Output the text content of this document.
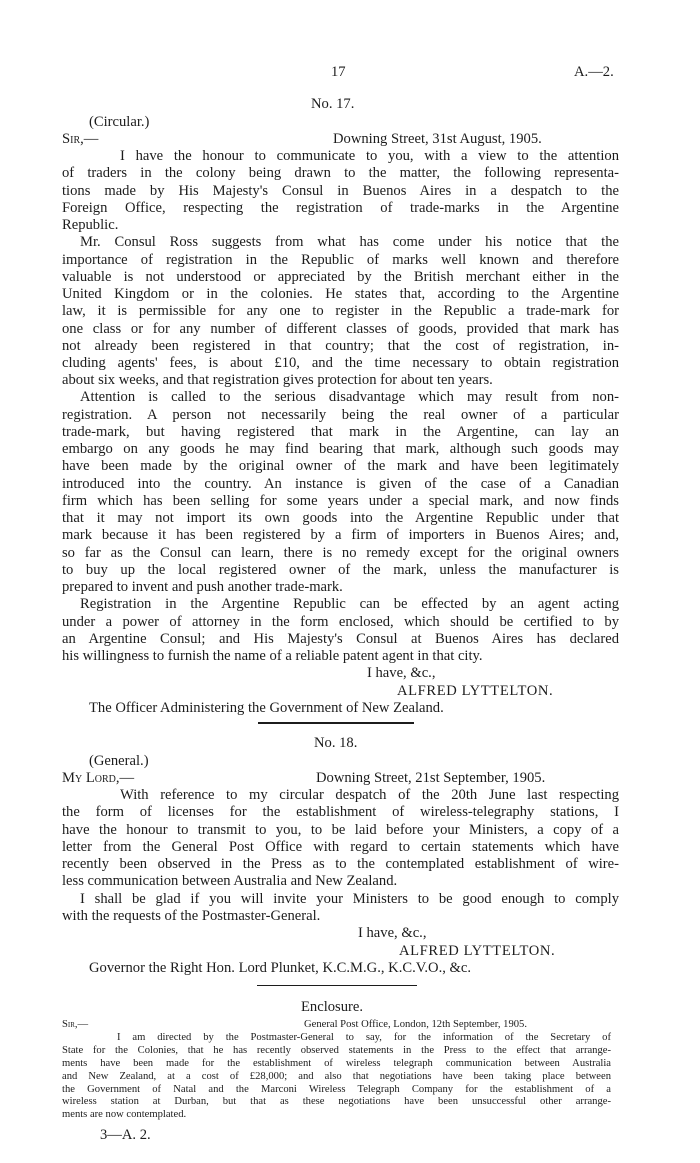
17	A.—2.
No. 17.
(Circular.)
Sir,—	Downing Street, 31st August, 1905.
I have the honour to communicate to you, with a view to the attention
of traders in the colony being drawn to the matter, the following representa-
tions made by His Majesty's Consul in Buenos Aires in a despatch to the
Foreign Office, respecting the registration of trade-marks in the Argentine
Republic.
Mr. Consul Ross suggests from what has come under his notice that the
importance of registration in the Republic of marks well known and therefore
valuable is not understood or appreciated by the British merchant either in the
United Kingdom or in the colonies. He states that, according to the Argentine
law, it is permissible for any one to register in the Republic a trade-mark for
one class or for any number of different classes of goods, provided that mark has
not already been registered in that country; that the cost of registration, in-
cluding agents' fees, is about £10, and the time necessary to obtain registration
about six weeks, and that registration gives protection for about ten years.
Attention is called to the serious disadvantage which may result from non-
registration. A person not necessarily being the real owner of a particular
trade-mark, but having registered that mark in the Argentine, can lay an
embargo on any goods he may find bearing that mark, although such goods may
have been made by the original owner of the mark and have been legitimately
introduced into the country. An instance is given of the case of a Canadian
firm which has been selling for some years under a special mark, and now finds
that it may not import its own goods into the Argentine Republic under that
mark because it has been registered by a firm of importers in Buenos Aires; and,
so far as the Consul can learn, there is no remedy except for the original owners
to buy up the local registered owner of the mark, unless the manufacturer is
prepared to invent and push another trade-mark.
Registration in the Argentine Republic can be effected by an agent acting
under a power of attorney in the form enclosed, which should be certified to by
an Argentine Consul; and His Majesty's Consul at Buenos Aires has declared
his willingness to furnish the name of a reliable patent agent in that city.
I have, &c.,
ALFRED LYTTELTON.
The Officer Administering the Government of New Zealand.
No. 18.
(General.)
My Lord,—	Downing Street, 21st September, 1905.
With reference to my circular despatch of the 20th June last respecting
the form of licenses for the establishment of wireless-telegraphy stations, I
have the honour to transmit to you, to be laid before your Ministers, a copy of a
letter from the General Post Office with regard to certain statements which have
recently been observed in the Press as to the contemplated establishment of wire-
less communication between Australia and New Zealand.
I shall be glad if you will invite your Ministers to be good enough to comply
with the requests of the Postmaster-General.
I have, &c.,
ALFRED LYTTELTON.
Governor the Right Hon. Lord Plunket, K.C.M.G., K.C.V.O., &c.
Enclosure.
Sir,—	General Post Office, London, 12th September, 1905.
I am directed by the Postmaster-General to say, for the information of the Secretary of
State for the Colonies, that he has recently observed statements in the Press to the effect that arrange-
ments have been made for the establishment of wireless telegraph communication between Australia
and New Zealand, at a cost of £28,000; and also that negotiations have been taking place between
the Government of Natal and the Marconi Wireless Telegraph Company for the establishment of a
wireless station at Durban, but that as these negotiations have been unsuccessful other arrange-
ments are now contemplated.
3—A. 2.
